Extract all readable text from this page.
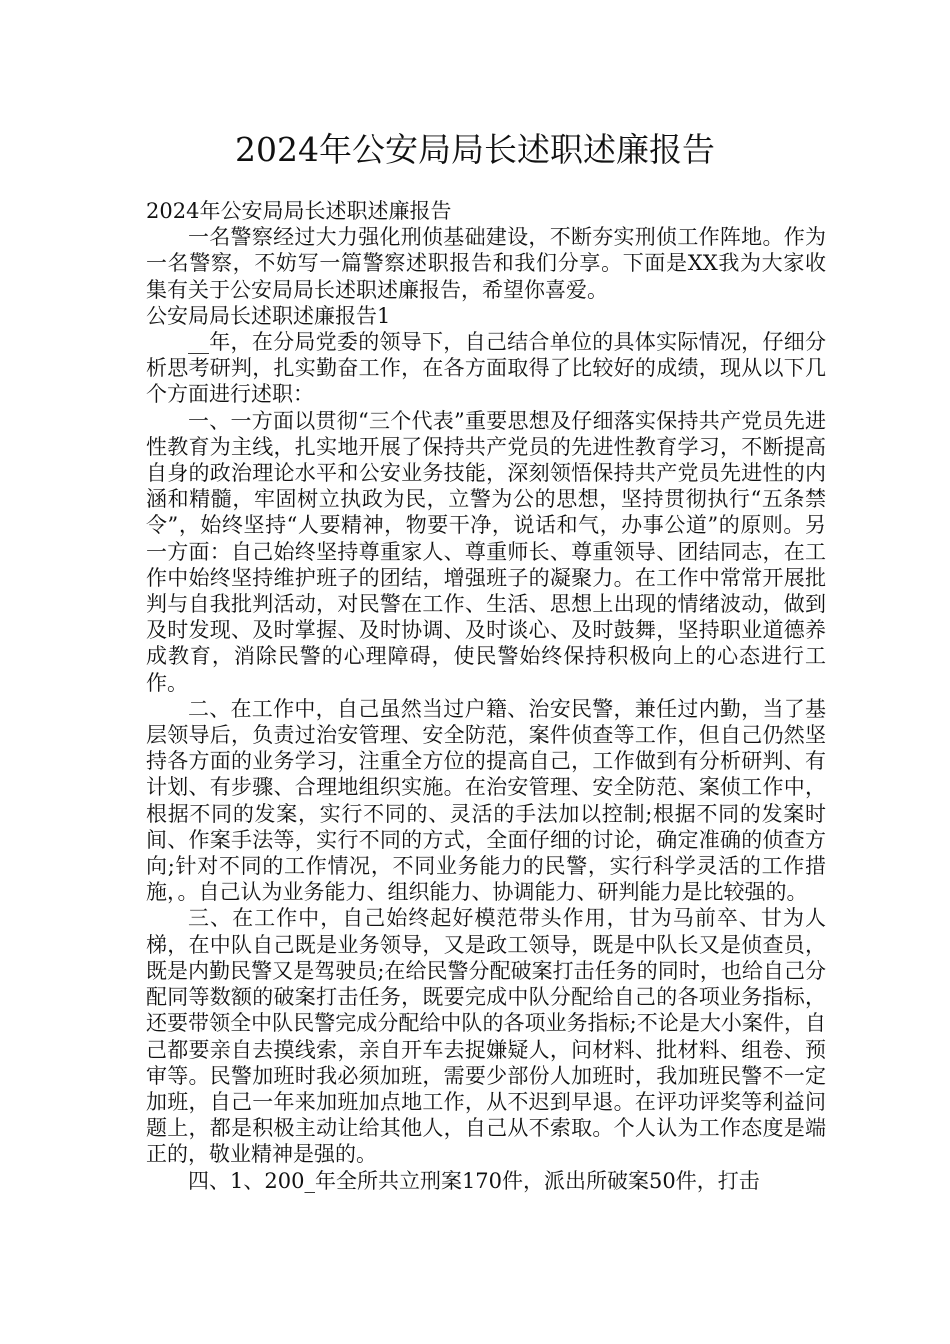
2024年公安局局长述职述廉报告

2024年公安局局长述职述廉报告

一名警察经过大力强化刑侦基础建设，不断夯实刑侦工作阵地。作为一名警察，不妨写一篇警察述职报告和我们分享。下面是XX我为大家收集有关于公安局局长述职述廉报告，希望你喜爱。

公安局局长述职述廉报告1

__年，在分局党委的领导下，自己结合单位的具体实际情况，仔细分析思考研判，扎实勤奋工作，在各方面取得了比较好的成绩，现从以下几个方面进行述职：

一、一方面以贯彻“三个代表”重要思想及仔细落实保持共产党员先进性教育为主线，扎实地开展了保持共产党员的先进性教育学习，不断提高自身的政治理论水平和公安业务技能，深刻领悟保持共产党员先进性的内涵和精髓，牢固树立执政为民，立警为公的思想，坚持贯彻执行“五条禁令”，始终坚持“人要精神，物要干净，说话和气，办事公道”的原则。另一方面：自己始终坚持尊重家人、尊重师长、尊重领导、团结同志，在工作中始终坚持维护班子的团结，增强班子的凝聚力。在工作中常常开展批判与自我批判活动，对民警在工作、生活、思想上出现的情绪波动，做到及时发现、及时掌握、及时协调、及时谈心、及时鼓舞，坚持职业道德养成教育，消除民警的心理障碍，使民警始终保持积极向上的心态进行工作。

二、在工作中，自己虽然当过户籍、治安民警，兼任过内勤，当了基层领导后，负责过治安管理、安全防范，案件侦查等工作，但自己仍然坚持各方面的业务学习，注重全方位的提高自己，工作做到有分析研判、有计划、有步骤、合理地组织实施。在治安管理、安全防范、案侦工作中，根据不同的发案，实行不同的、灵活的手法加以控制;根据不同的发案时间、作案手法等，实行不同的方式，全面仔细的讨论，确定准确的侦查方向;针对不同的工作情况，不同业务能力的民警，实行科学灵活的工作措施，。自己认为业务能力、组织能力、协调能力、研判能力是比较强的。

三、在工作中，自己始终起好模范带头作用，甘为马前卒、甘为人梯，在中队自己既是业务领导，又是政工领导，既是中队长又是侦查员，既是内勤民警又是驾驶员;在给民警分配破案打击任务的同时，也给自己分配同等数额的破案打击任务，既要完成中队分配给自己的各项业务指标，还要带领全中队民警完成分配给中队的各项业务指标;不论是大小案件，自己都要亲自去摸线索，亲自开车去捉嫌疑人，问材料、批材料、组卷、预审等。民警加班时我必须加班，需要少部份人加班时，我加班民警不一定加班，自己一年来加班加点地工作，从不迟到早退。在评功评奖等利益问题上，都是积极主动让给其他人，自己从不索取。个人认为工作态度是端正的，敬业精神是强的。

四、1、200_年全所共立刑案170件，派出所破案50件，打击
